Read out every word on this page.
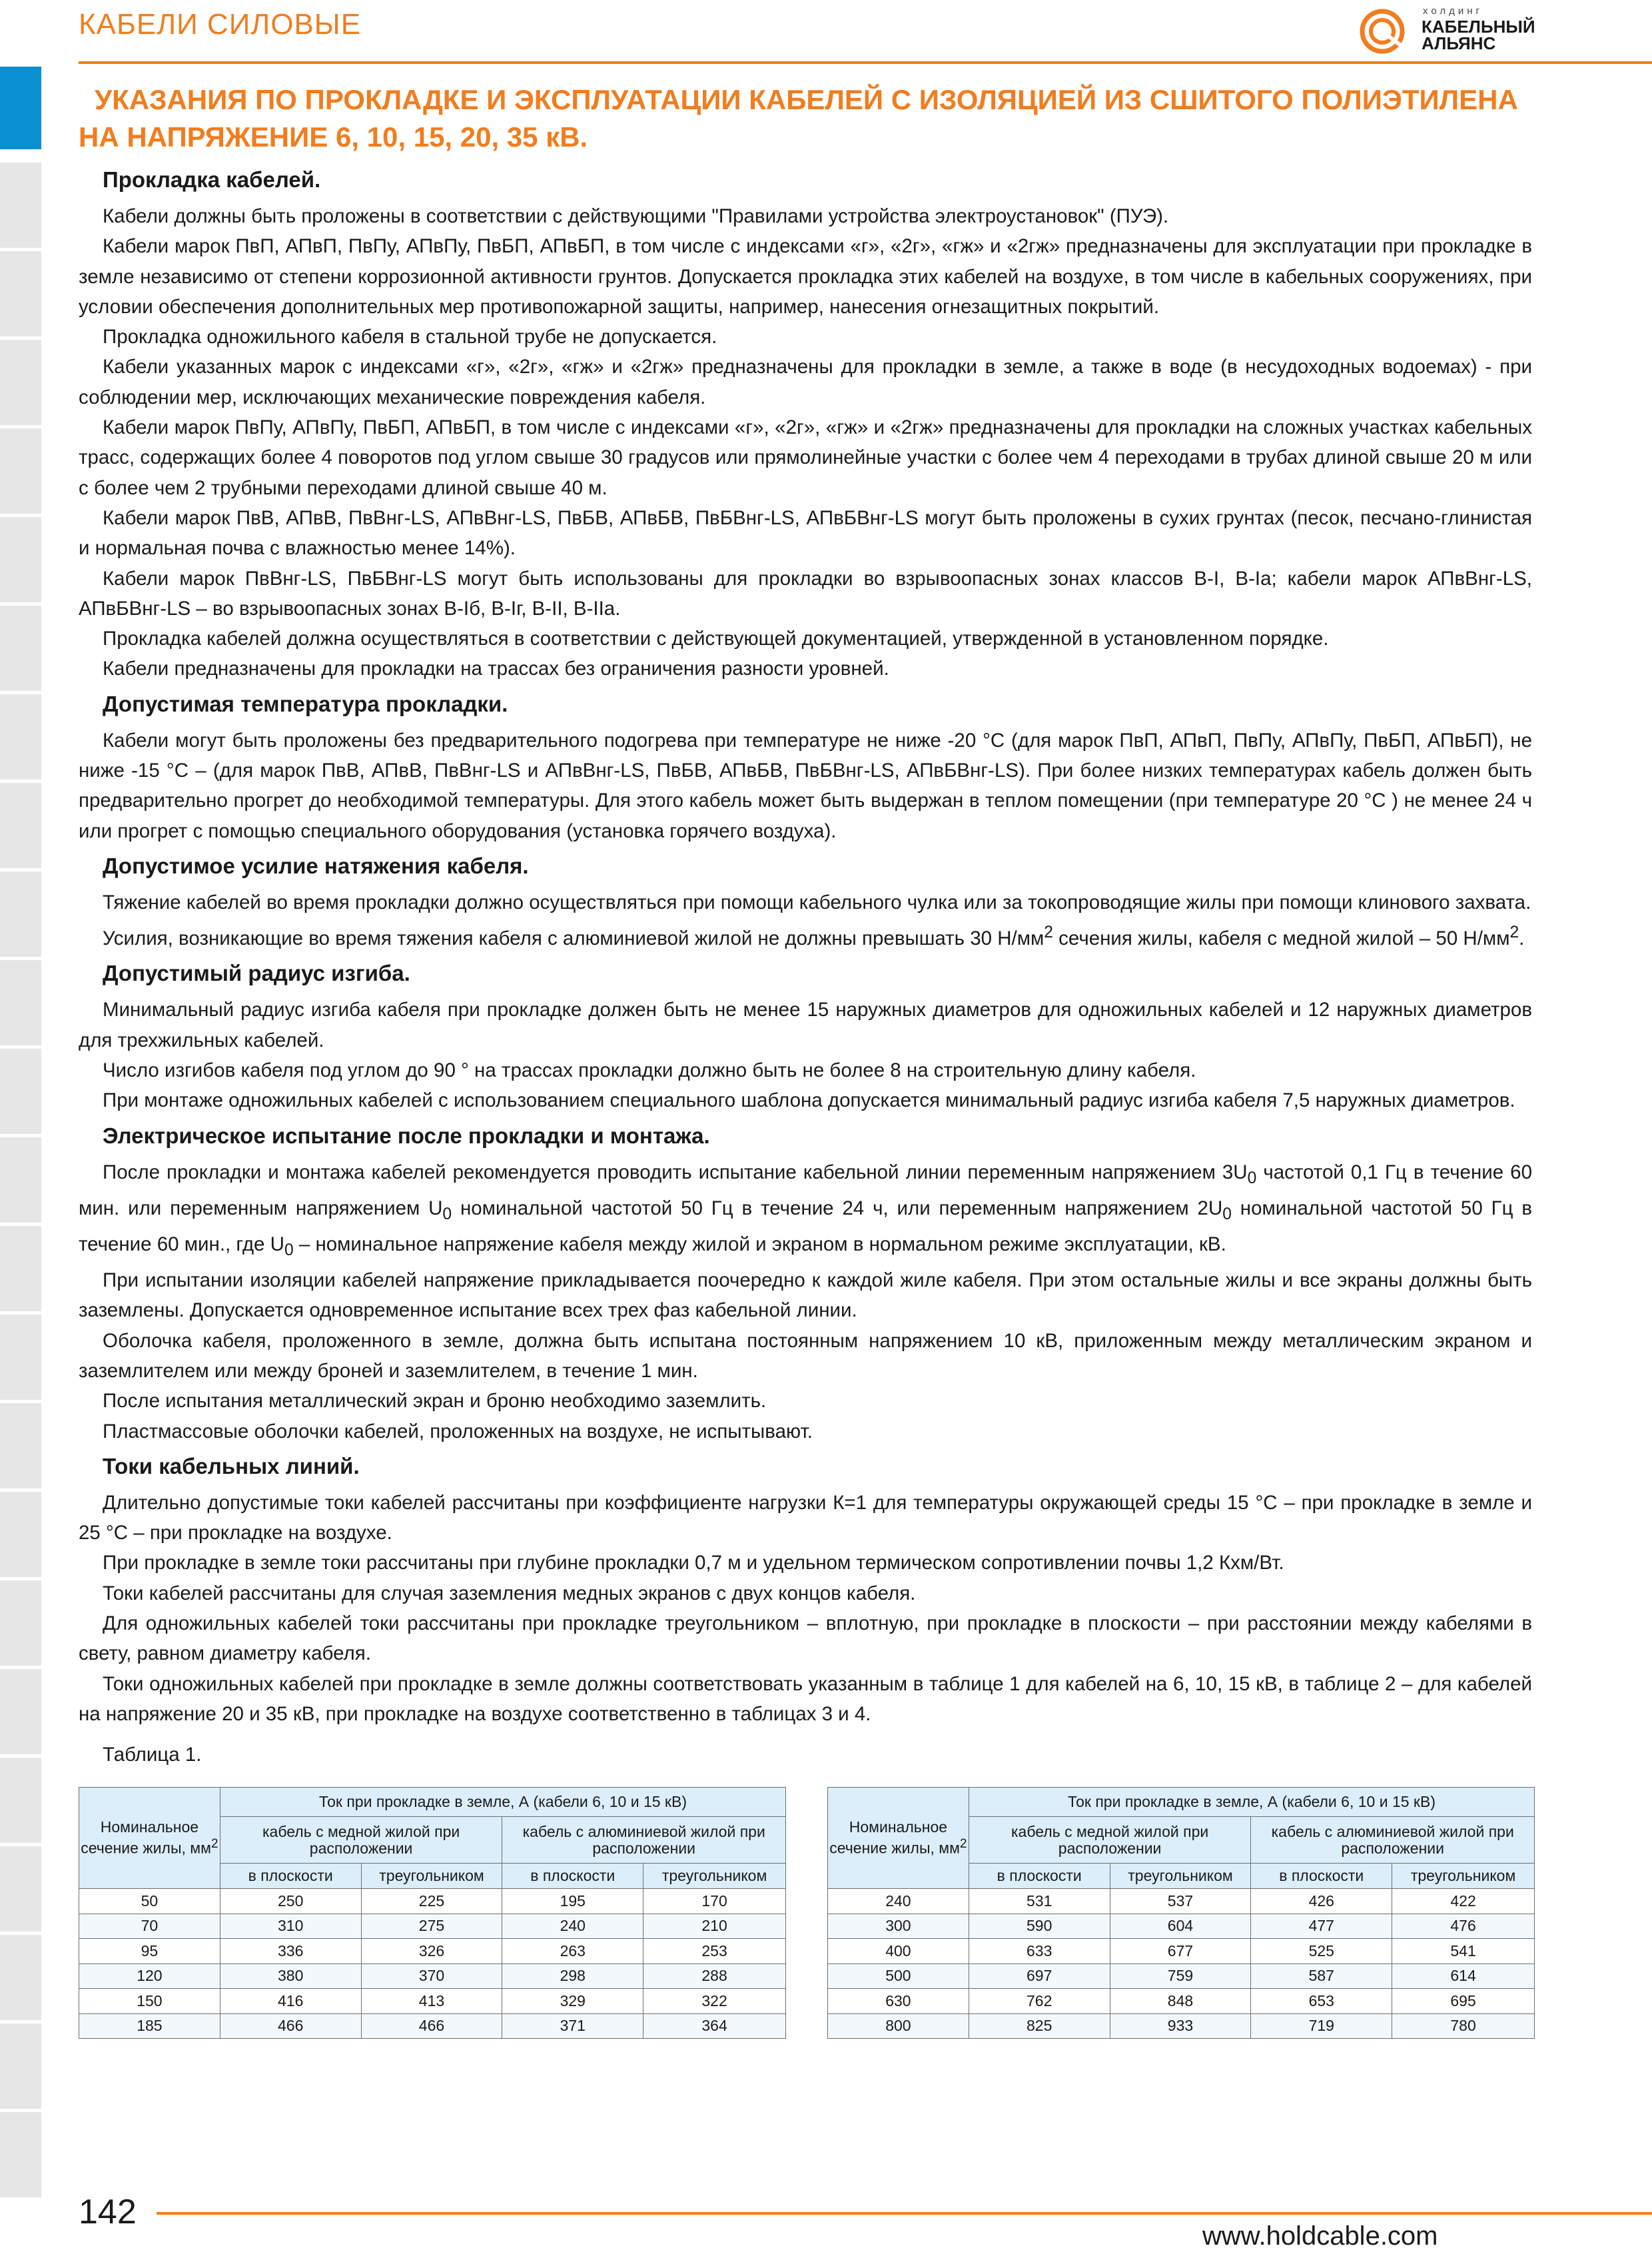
КАБЕЛИ СИЛОВЫЕ	холдинг
КАБЕЛЬНЫЙ
АЛЬЯНС
УКАЗАНИЯ ПО ПРОКЛАДКЕ И ЭКСПЛУАТАЦИИ КАБЕЛЕЙ С ИЗОЛЯЦИЕЙ ИЗ СШИТОГО ПОЛИЭТИЛЕНА НА НАПРЯЖЕНИЕ 6, 10, 15, 20, 35 кВ.
Прокладка кабелей.

Кабели должны быть проложены в соответствии с действующими "Правилами устройства электроустановок" (ПУЭ).

Кабели марок ПвП, АПвП, ПвПу, АПвПу, ПвБП, АПвБП, в том числе с индексами «г», «2г», «гж» и «2гж» предназначены для эксплуатации при прокладке в земле независимо от степени коррозионной активности грунтов. Допускается прокладка этих кабелей на воздухе, в том числе в кабельных сооружениях, при условии обеспечения дополнительных мер противопожарной защиты, например, нанесения огнезащитных покрытий.

Прокладка одножильного кабеля в стальной трубе не допускается.

Кабели указанных марок с индексами «г», «2г», «гж» и «2гж» предназначены для прокладки в земле, а также в воде (в несудоходных водоемах) - при соблюдении мер, исключающих механические повреждения кабеля.

Кабели марок ПвПу, АПвПу, ПвБП, АПвБП, в том числе с индексами «г», «2г», «гж» и «2гж» предназначены для прокладки на сложных участках кабельных трасс, содержащих более 4 поворотов под углом свыше 30 градусов или прямолинейные участки с более чем 4 переходами в трубах длиной свыше 20 м или с более чем 2 трубными переходами длиной свыше 40 м.

Кабели марок ПвВ, АПвВ, ПвВнг-LS, АПвВнг-LS, ПвБВ, АПвБВ, ПвБВнг-LS, АПвБВнг-LS могут быть проложены в сухих грунтах (песок, песчано-глинистая и нормальная почва с влажностью менее 14%).

Кабели марок ПвВнг-LS, ПвБВнг-LS могут быть использованы для прокладки во взрывоопасных зонах классов В-I, В-Iа; кабели марок АПвВнг-LS, АПвБВнг-LS – во взрывоопасных зонах В-Iб, В-Iг, В-II, В-IIа.

Прокладка кабелей должна осуществляться в соответствии с действующей документацией, утвержденной в установленном порядке.

Кабели предназначены для прокладки на трассах без ограничения разности уровней.

Допустимая температура прокладки.

Кабели могут быть проложены без предварительного подогрева при температуре не ниже -20 °С (для марок ПвП, АПвП, ПвПу, АПвПу, ПвБП, АПвБП), не ниже -15 °С – (для марок ПвВ, АПвВ, ПвВнг-LS и АПвВнг-LS, ПвБВ, АПвБВ, ПвБВнг-LS, АПвБВнг-LS). При более низких температурах кабель должен быть предварительно прогрет до необходимой температуры. Для этого кабель может быть выдержан в теплом помещении (при температуре 20 °С ) не менее 24 ч или прогрет с помощью специального оборудования (установка горячего воздуха).

Допустимое усилие натяжения кабеля.

Тяжение кабелей во время прокладки должно осуществляться при помощи кабельного чулка или за токопроводящие жилы при помощи клинового захвата.

Усилия, возникающие во время тяжения кабеля с алюминиевой жилой не должны превышать 30 $Н/мм^2$ сечения жилы, кабеля с медной жилой – 50 $Н/мм^2$.

Допустимый радиус изгиба.

Минимальный радиус изгиба кабеля при прокладке должен быть не менее 15 наружных диаметров для одножильных кабелей и 12 наружных диаметров для трехжильных кабелей.

Число изгибов кабеля под углом до 90 ° на трассах прокладки должно быть не более 8 на строительную длину кабеля.

При монтаже одножильных кабелей с использованием специального шаблона допускается минимальный радиус изгиба кабеля 7,5 наружных диаметров.

Электрическое испытание после прокладки и монтажа.

После прокладки и монтажа кабелей рекомендуется проводить испытание кабельной линии переменным напряжением $3U_0$ частотой 0,1 Гц в течение 60 мин. или переменным напряжением $U_0$ номинальной частотой 50 Гц в течение 24 ч, или переменным напряжением $2U_0$ номинальной частотой 50 Гц в течение 60 мин., где $U_0$ – номинальное напряжение кабеля между жилой и экраном в нормальном режиме эксплуатации, кВ.

При испытании изоляции кабелей напряжение прикладывается поочередно к каждой жиле кабеля. При этом остальные жилы и все экраны должны быть заземлены. Допускается одновременное испытание всех трех фаз кабельной линии.

Оболочка кабеля, проложенного в земле, должна быть испытана постоянным напряжением 10 кВ, приложенным между металлическим экраном и заземлителем или между броней и заземлителем, в течение 1 мин.

После испытания металлический экран и броню необходимо заземлить.

Пластмассовые оболочки кабелей, проложенных на воздухе, не испытывают.

Токи кабельных линий.

Длительно допустимые токи кабелей рассчитаны при коэффициенте нагрузки К=1 для температуры окружающей среды 15 °С – при прокладке в земле и 25 °С – при прокладке на воздухе.

При прокладке в земле токи рассчитаны при глубине прокладки 0,7 м и удельном термическом сопротивлении почвы 1,2 Кхм/Вт.

Токи кабелей рассчитаны для случая заземления медных экранов с двух концов кабеля.

Для одножильных кабелей токи рассчитаны при прокладке треугольником – вплотную, при прокладке в плоскости – при расстоянии между кабелями в свету, равном диаметру кабеля.

Токи одножильных кабелей при прокладке в земле должны соответствовать указанным в таблице 1 для кабелей на 6, 10, 15 кВ, в таблице 2 – для кабелей на напряжение 20 и 35 кВ, при прокладке на воздухе соответственно в таблицах 3 и 4.

Таблица 1.

Номинальное сечение жилы, $мм^2$	Ток при прокладке в земле, А (кабели 6, 10 и 15 кВ)			
	кабель с медной жилой при расположении		кабель с алюминиевой жилой при расположении	
	в плоскости	треугольником	в плоскости	треугольником
50	250	225	195	170
70	310	275	240	210
95	336	326	263	253
120	380	370	298	288
150	416	413	329	322
185	466	466	371	364
Номинальное сечение жилы, $мм^2$	Ток при прокладке в земле, А (кабели 6, 10 и 15 кВ)			
	кабель с медной жилой при расположении		кабель с алюминиевой жилой при расположении	
	в плоскости	треугольником	в плоскости	треугольником
240	531	537	426	422
300	590	604	477	476
400	633	677	525	541
500	697	759	587	614
630	762	848	653	695
800	825	933	719	780
142
www.holdcable.com
